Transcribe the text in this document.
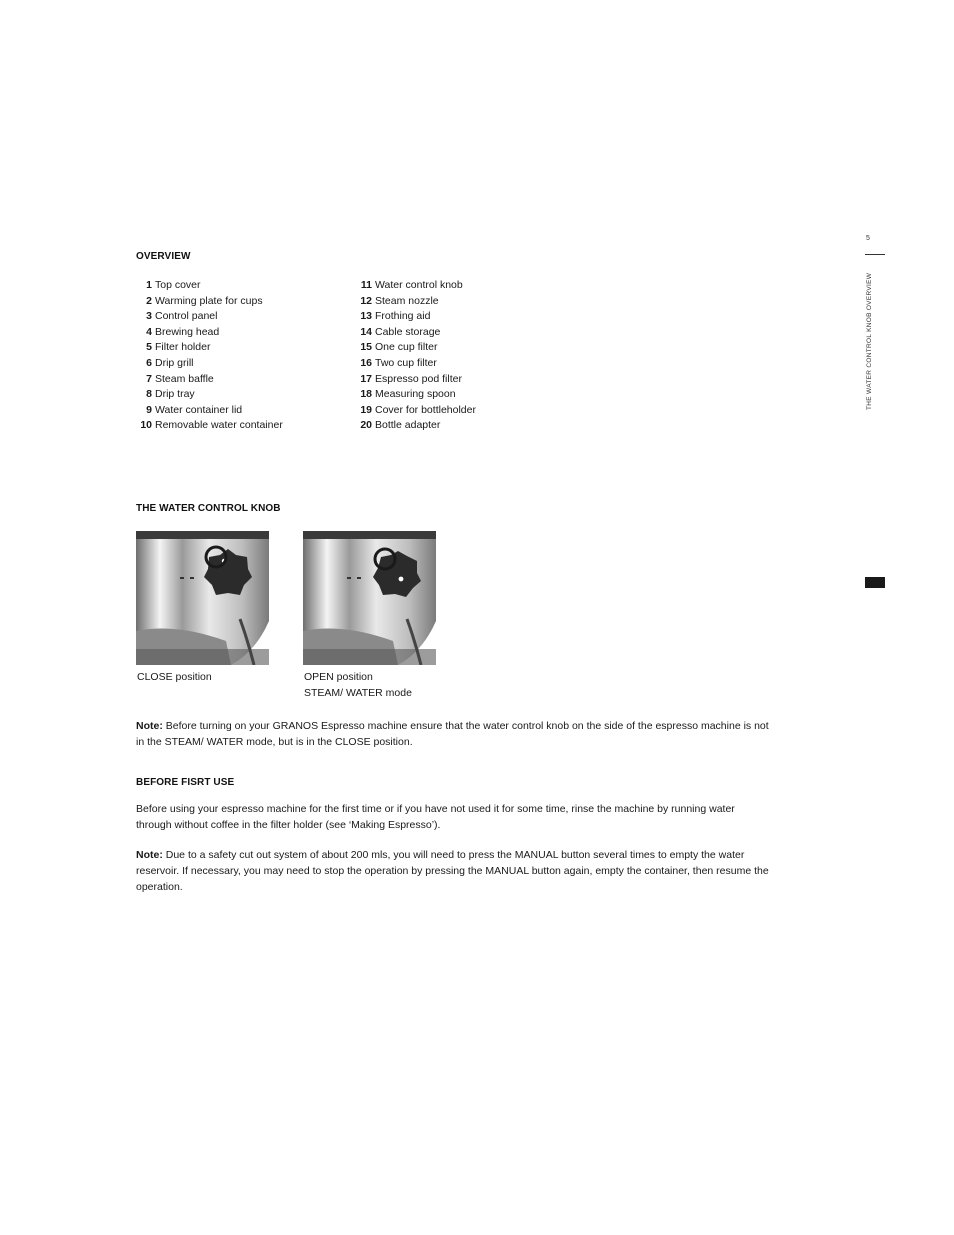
5
THE WATER CONTROL KNOB OVERVIEW
OVERVIEW
1 Top cover
2 Warming plate for cups
3 Control panel
4 Brewing head
5 Filter holder
6 Drip grill
7 Steam baffle
8 Drip tray
9 Water container lid
10 Removable water container
11 Water control knob
12 Steam nozzle
13 Frothing aid
14 Cable storage
15 One cup filter
16 Two cup filter
17 Espresso pod filter
18 Measuring spoon
19 Cover for bottleholder
20 Bottle adapter
THE WATER CONTROL KNOB
CLOSE position	OPEN position
STEAM/ WATER mode
Note: Before turning on your GRANOS Espresso machine ensure that the water control knob on the side of the espresso machine is not
in the STEAM/ WATER mode, but is in the CLOSE position.
BEFORE FISRT USE
Before using your espresso machine for the first time or if you have not used it for some time, rinse the machine by running water
through without coffee in the filter holder (see ‘Making Espresso’).
Note: Due to a safety cut out system of about 200 mls, you will need to press the MANUAL button several times to empty the water
reservoir. If necessary, you may need to stop the operation by pressing the MANUAL button again, empty the container, then resume the
operation.
